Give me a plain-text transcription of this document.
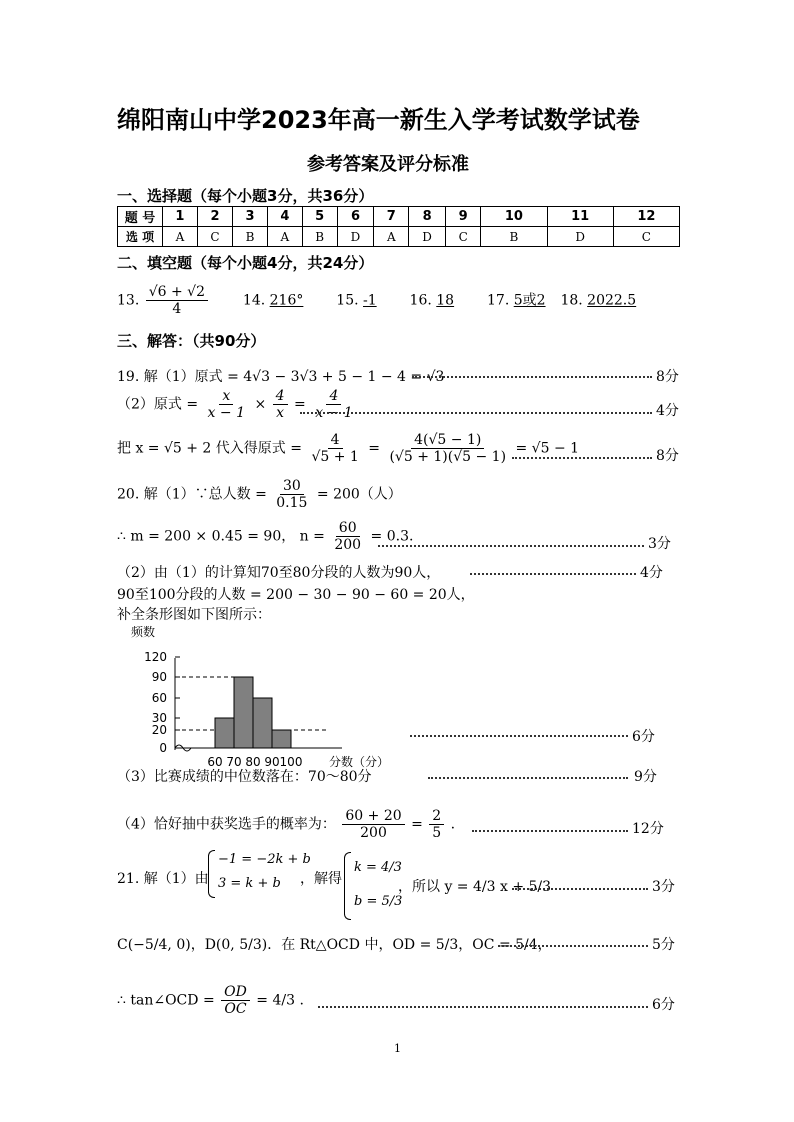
绵阳南山中学2023年高一新生入学考试数学试卷
参考答案及评分标准
一、选择题（每个小题3分，共36分）
题 号	1	2	3	4	5	6	7	8	9	10	11	12
选 项	A	C	B	A	B	D	A	D	C	B	D	C
二、填空题（每个小题4分，共24分）
13. $\frac{√6 + √2}{4} 14$. 216° 15. -1 16. 18 17. 5或2 18. 2022.5
三、解答：（共90分）
19. 解（1）原式 = 4√3 − 3√3 + 5 − 1 − 4 = √3	8分
（2）原式 = $\frac{x}{x - 1} \times \frac{4}{x} = \frac{4}{x - 1}$	4分
把 x = √5 + 2 代入得原式 = $\frac{4}{√5 + 1} = \frac{4(√5 - 1)}{(√5 + 1)(√5 - 1)} = √5 - 1$	8分
20. 解（1）∵总人数 = $\frac{30}{0.15} = 200$（人）
∴ m = 200 × 0.45 = 90， $n = \frac{60}{200} = 0.3$.	3分
（2）由（1）的计算知70至80分段的人数为90人，	4分
90至100分段的人数 = 200 − 30 − 90 − 60 = 20人，
补全条形图如下图所示：
频数
0
20
30
60
90
120
60 70 80 90 100 分数（分）
6分
（3）比赛成绩的中位数落在：70～80分	9分
（4）恰好抽中获奖选手的概率为： $\frac{60 + 20}{200} = \frac{2}{5}$ .	12分
21. 解（1）由
−1 = −2k + b
3 = k + b ，解得
k = 4/3
b = 5/3
，所以 y = 4/3 x + 5/3	3分
C(−5/4, 0)，D(0, 5/3)．在 Rt△OCD 中，OD = 5/3，OC = 5/4，	5分
∴ tan∠OCD = $\frac{OD}{OC} = 4/3$ .	6分
1
